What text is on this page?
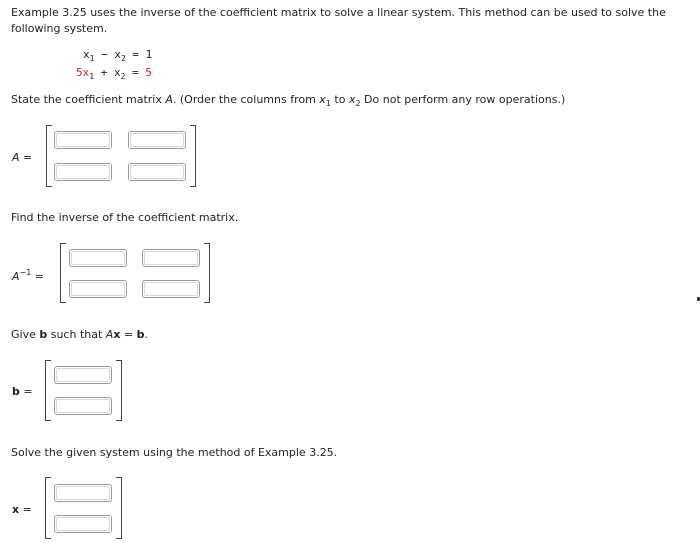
Example 3.25 uses the inverse of the coefficient matrix to solve a linear system. This method can be used to solve the following system.
$x_1 - x_2 = 1$
$5x_1 + x_2 = 5$
State the coefficient matrix A. (Order the columns from $x_1$ to $x_2$ Do not perform any row operations.)
A =
Find the inverse of the coefficient matrix.
$A^{-1}$ =
Give b such that Ax = b.
b =
Solve the given system using the method of Example 3.25.
x =
